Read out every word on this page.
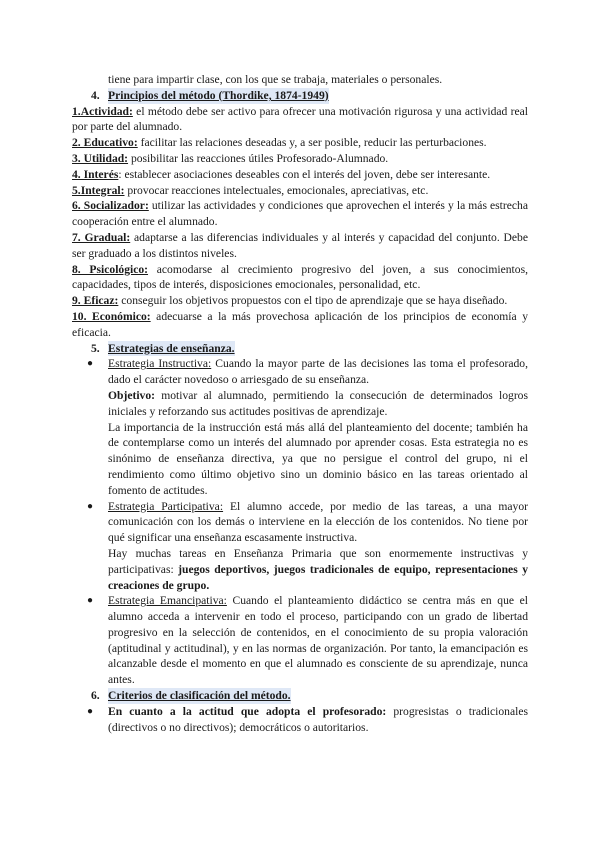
tiene para impartir clase, con los que se trabaja, materiales o personales.

4. Principios del método (Thordike, 1874-1949)

1.Actividad: el método debe ser activo para ofrecer una motivación rigurosa y una actividad real por parte del alumnado.

2. Educativo: facilitar las relaciones deseadas y, a ser posible, reducir las perturbaciones.

3. Utilidad: posibilitar las reacciones útiles Profesorado-Alumnado.

4. Interés: establecer asociaciones deseables con el interés del joven, debe ser interesante.

5.Integral: provocar reacciones intelectuales, emocionales, apreciativas, etc.

6. Socializador: utilizar las actividades y condiciones que aprovechen el interés y la más estrecha cooperación entre el alumnado.

7. Gradual: adaptarse a las diferencias individuales y al interés y capacidad del conjunto. Debe ser graduado a los distintos niveles.

8. Psicológico: acomodarse al crecimiento progresivo del joven, a sus conocimientos, capacidades, tipos de interés, disposiciones emocionales, personalidad, etc.

9. Eficaz: conseguir los objetivos propuestos con el tipo de aprendizaje que se haya diseñado.

10. Económico: adecuarse a la más provechosa aplicación de los principios de economía y eficacia.

5. Estrategias de enseñanza.
●	Estrategia Instructiva: Cuando la mayor parte de las decisiones las toma el profesorado, dado el carácter novedoso o arriesgado de su enseñanza.

Objetivo: motivar al alumnado, permitiendo la consecución de determinados logros iniciales y reforzando sus actitudes positivas de aprendizaje.

La importancia de la instrucción está más allá del planteamiento del docente; también ha de contemplarse como un interés del alumnado por aprender cosas. Esta estrategia no es sinónimo de enseñanza directiva, ya que no persigue el control del grupo, ni el rendimiento como último objetivo sino un dominio básico en las tareas orientado al fomento de actitudes.

●	Estrategia Participativa: El alumno accede, por medio de las tareas, a una mayor comunicación con los demás o interviene en la elección de los contenidos. No tiene por qué significar una enseñanza escasamente instructiva.

Hay muchas tareas en Enseñanza Primaria que son enormemente instructivas y participativas: juegos deportivos, juegos tradicionales de equipo, representaciones y creaciones de grupo.

●	Estrategia Emancipativa: Cuando el planteamiento didáctico se centra más en que el alumno acceda a intervenir en todo el proceso, participando con un grado de libertad progresivo en la selección de contenidos, en el conocimiento de su propia valoración (aptitudinal y actitudinal), y en las normas de organización. Por tanto, la emancipación es alcanzable desde el momento en que el alumnado es consciente de su aprendizaje, nunca antes.

6. Criterios de clasificación del método.
●	En cuanto a la actitud que adopta el profesorado: progresistas o tradicionales (directivos o no directivos); democráticos o autoritarios.
